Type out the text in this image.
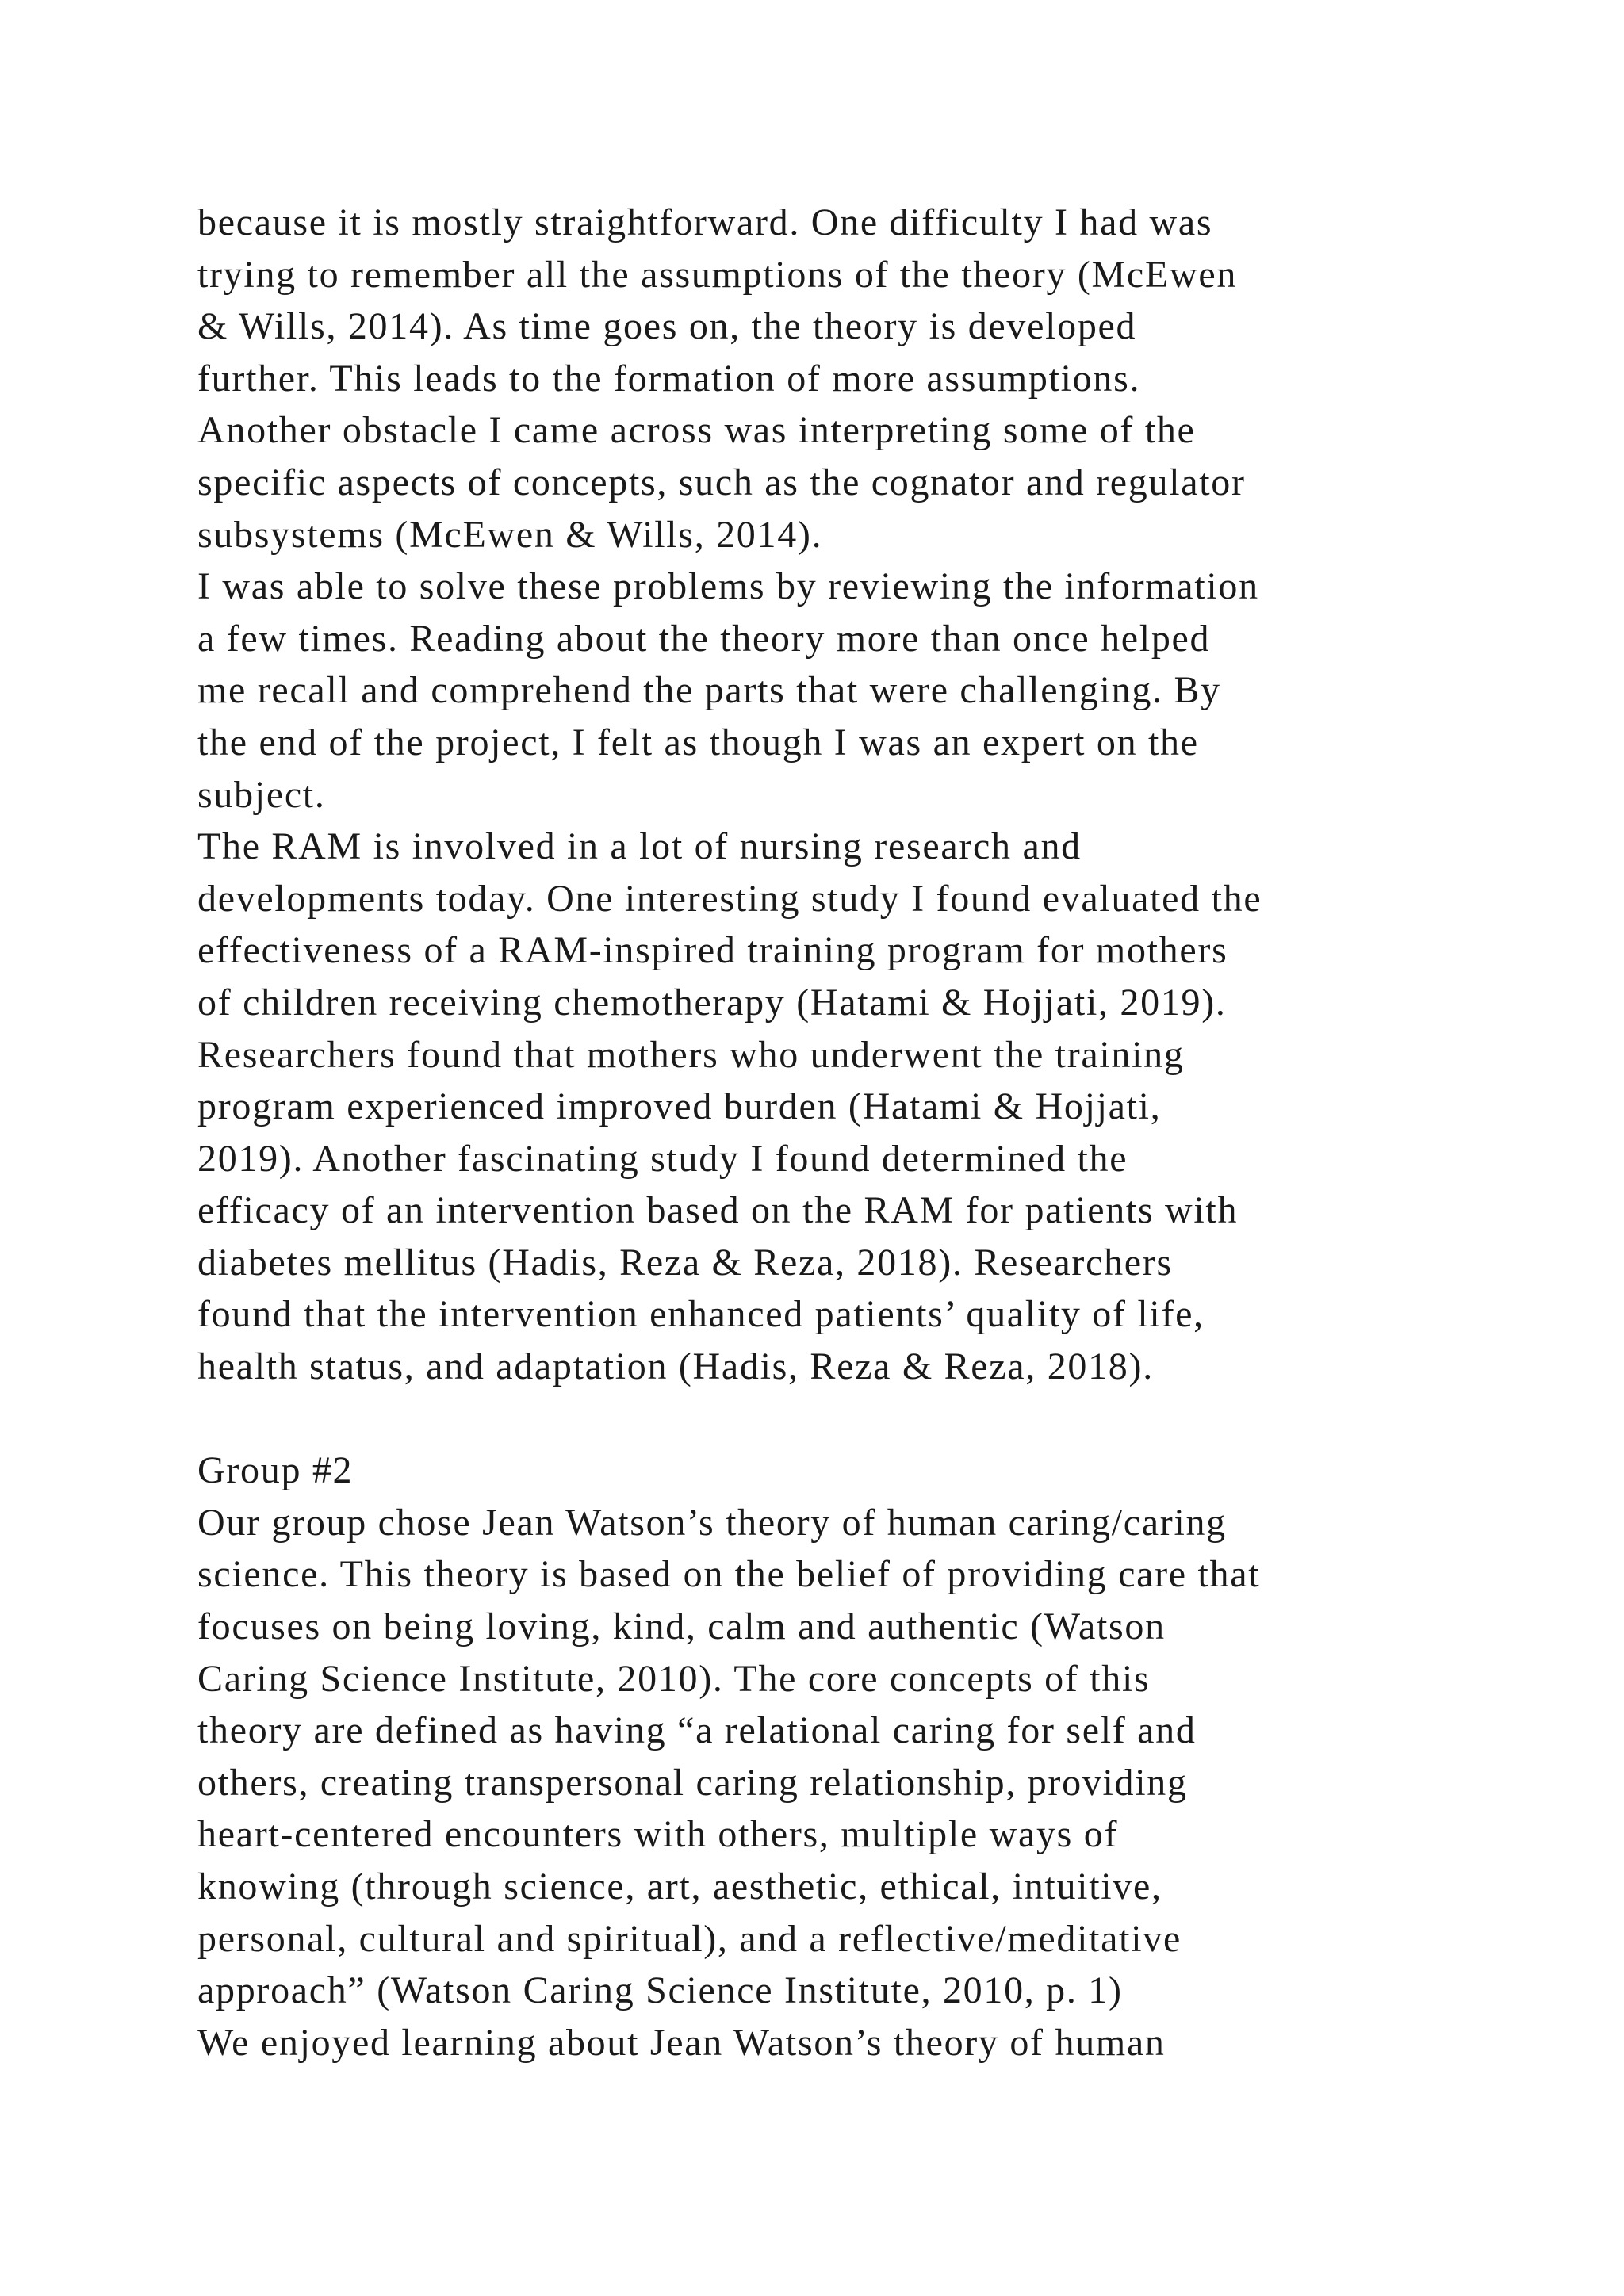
because it is mostly straightforward. One difficulty I had was
trying to remember all the assumptions of the theory (McEwen
& Wills, 2014). As time goes on, the theory is developed
further. This leads to the formation of more assumptions.
Another obstacle I came across was interpreting some of the
specific aspects of concepts, such as the cognator and regulator
subsystems (McEwen & Wills, 2014).
I was able to solve these problems by reviewing the information
a few times. Reading about the theory more than once helped
me recall and comprehend the parts that were challenging. By
the end of the project, I felt as though I was an expert on the
subject.
The RAM is involved in a lot of nursing research and
developments today. One interesting study I found evaluated the
effectiveness of a RAM-inspired training program for mothers
of children receiving chemotherapy (Hatami & Hojjati, 2019).
Researchers found that mothers who underwent the training
program experienced improved burden (Hatami & Hojjati,
2019). Another fascinating study I found determined the
efficacy of an intervention based on the RAM for patients with
diabetes mellitus (Hadis, Reza & Reza, 2018). Researchers
found that the intervention enhanced patients’ quality of life,
health status, and adaptation (Hadis, Reza & Reza, 2018).
Group #2
Our group chose Jean Watson’s theory of human caring/caring
science. This theory is based on the belief of providing care that
focuses on being loving, kind, calm and authentic (Watson
Caring Science Institute, 2010). The core concepts of this
theory are defined as having “a relational caring for self and
others, creating transpersonal caring relationship, providing
heart-centered encounters with others, multiple ways of
knowing (through science, art, aesthetic, ethical, intuitive,
personal, cultural and spiritual), and a reflective/meditative
approach” (Watson Caring Science Institute, 2010, p. 1)
We enjoyed learning about Jean Watson’s theory of human
